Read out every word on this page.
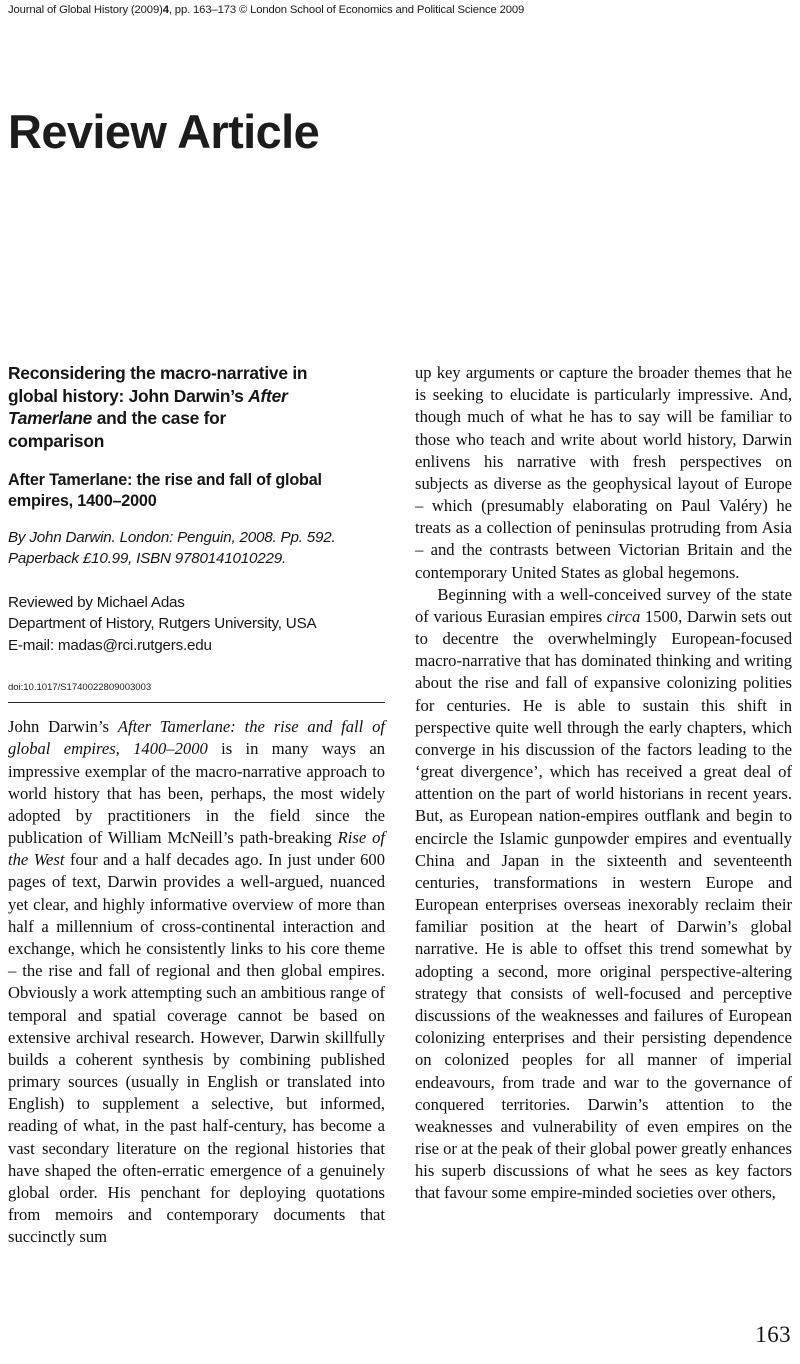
Journal of Global History (2009)4, pp. 163–173 © London School of Economics and Political Science 2009
Review Article
Reconsidering the macro-narrative in
global history: John Darwin’s After
Tamerlane and the case for
comparison
After Tamerlane: the rise and fall of global empires, 1400–2000

By John Darwin. London: Penguin, 2008. Pp. 592. Paperback £10.99, ISBN 9780141010229.

Reviewed by Michael Adas
Department of History, Rutgers University, USA
E-mail: madas@rci.rutgers.edu
doi:10.1017/S1740022809003003

John Darwin’s After Tamerlane: the rise and fall of global empires, 1400–2000 is in many ways an impressive exemplar of the macro-narrative approach to world history that has been, perhaps, the most widely adopted by practitioners in the field since the publication of William McNeill’s path-breaking Rise of the West four and a half decades ago. In just under 600 pages of text, Darwin provides a well-argued, nuanced yet clear, and highly informative overview of more than half a millennium of cross-continental interaction and exchange, which he consistently links to his core theme – the rise and fall of regional and then global empires. Obviously a work attempting such an ambitious range of temporal and spatial coverage cannot be based on extensive archival research. However, Darwin skillfully builds a coherent synthesis by combining published primary sources (usually in English or translated into English) to supplement a selective, but informed, reading of what, in the past half-century, has become a vast secondary literature on the regional histories that have shaped the often-erratic emergence of a genuinely global order. His penchant for deploying quotations from memoirs and contemporary documents that succinctly sum

up key arguments or capture the broader themes that he is seeking to elucidate is particularly impressive. And, though much of what he has to say will be familiar to those who teach and write about world history, Darwin enlivens his narrative with fresh perspectives on subjects as diverse as the geophysical layout of Europe – which (presumably elaborating on Paul Valéry) he treats as a collection of peninsulas protruding from Asia – and the contrasts between Victorian Britain and the contemporary United States as global hegemons.

Beginning with a well-conceived survey of the state of various Eurasian empires circa 1500, Darwin sets out to decentre the overwhelmingly European-focused macro-narrative that has dominated thinking and writing about the rise and fall of expansive colonizing polities for centuries. He is able to sustain this shift in perspective quite well through the early chapters, which converge in his discussion of the factors leading to the ‘great divergence’, which has received a great deal of attention on the part of world historians in recent years. But, as European nation-empires outflank and begin to encircle the Islamic gunpowder empires and eventually China and Japan in the sixteenth and seventeenth centuries, transformations in western Europe and European enterprises overseas inexorably reclaim their familiar position at the heart of Darwin’s global narrative. He is able to offset this trend somewhat by adopting a second, more original perspective-altering strategy that consists of well-focused and perceptive discussions of the weaknesses and failures of European colonizing enterprises and their persisting dependence on colonized peoples for all manner of imperial endeavours, from trade and war to the governance of conquered territories. Darwin’s attention to the weaknesses and vulnerability of even empires on the rise or at the peak of their global power greatly enhances his superb discussions of what he sees as key factors that favour some empire-minded societies over others,

163
